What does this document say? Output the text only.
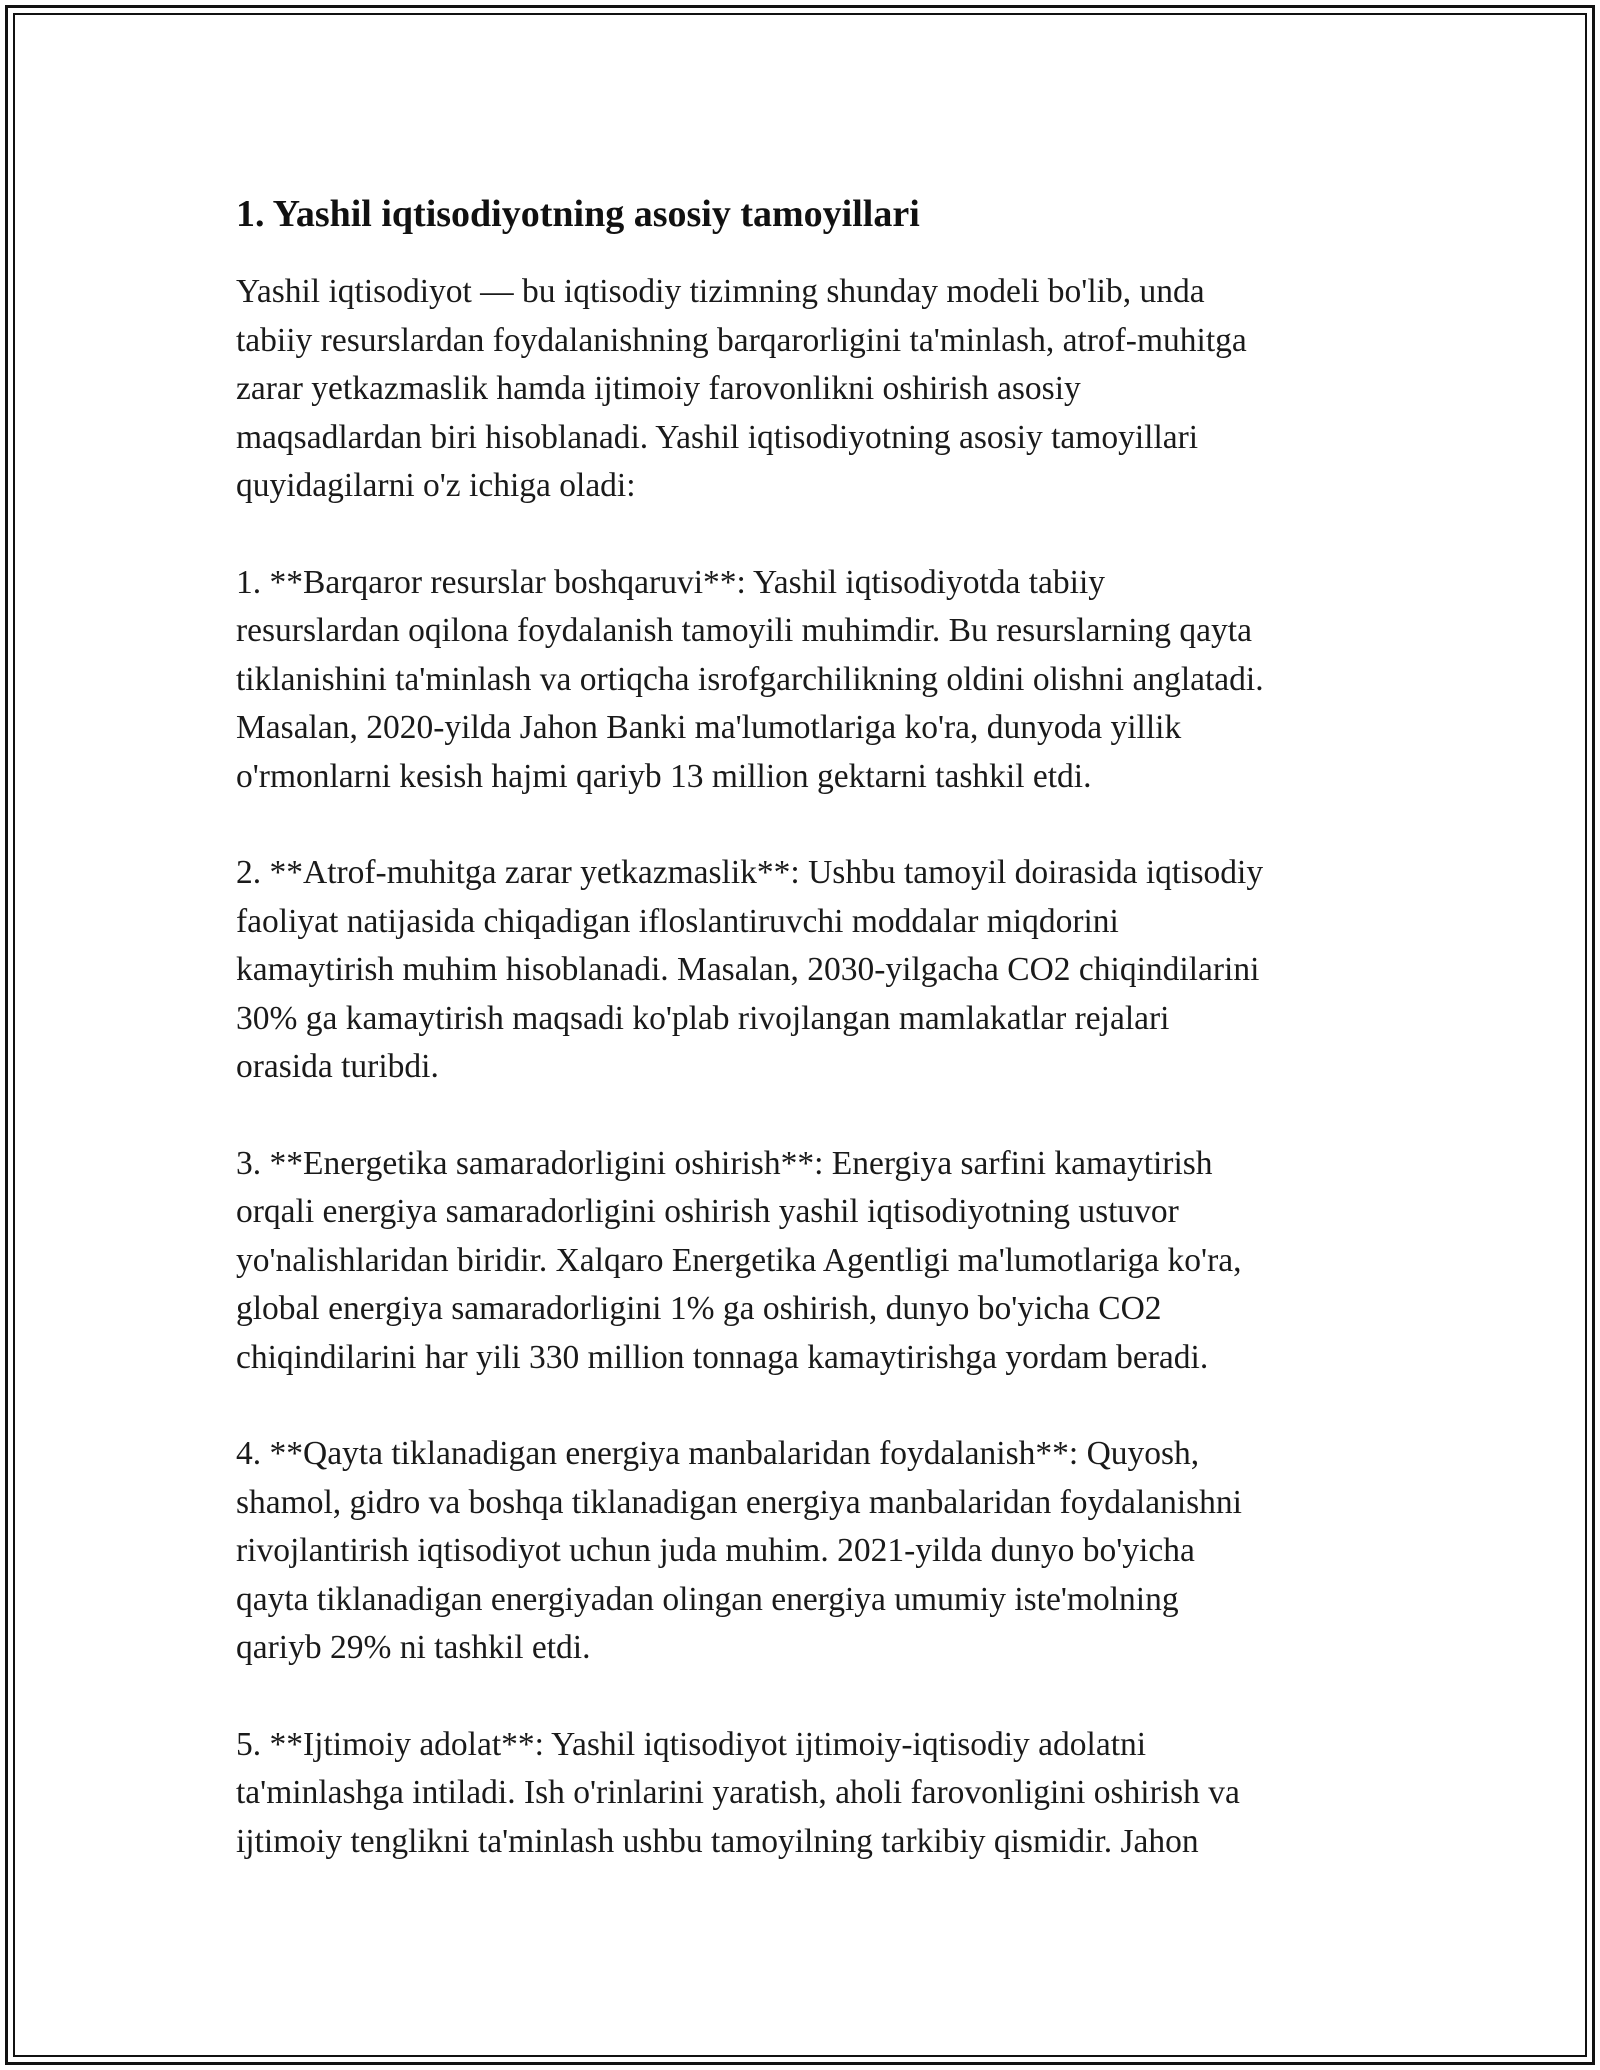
1. Yashil iqtisodiyotning asosiy tamoyillari

Yashil iqtisodiyot — bu iqtisodiy tizimning shunday modeli bo'lib, unda
tabiiy resurslardan foydalanishning barqarorligini ta'minlash, atrof-muhitga
zarar yetkazmaslik hamda ijtimoiy farovonlikni oshirish asosiy
maqsadlardan biri hisoblanadi. Yashil iqtisodiyotning asosiy tamoyillari
quyidagilarni o'z ichiga oladi:

1. **Barqaror resurslar boshqaruvi**: Yashil iqtisodiyotda tabiiy
resurslardan oqilona foydalanish tamoyili muhimdir. Bu resurslarning qayta
tiklanishini ta'minlash va ortiqcha isrofgarchilikning oldini olishni anglatadi.
Masalan, 2020-yilda Jahon Banki ma'lumotlariga ko'ra, dunyoda yillik
o'rmonlarni kesish hajmi qariyb 13 million gektarni tashkil etdi.

2. **Atrof-muhitga zarar yetkazmaslik**: Ushbu tamoyil doirasida iqtisodiy
faoliyat natijasida chiqadigan ifloslantiruvchi moddalar miqdorini
kamaytirish muhim hisoblanadi. Masalan, 2030-yilgacha CO2 chiqindilarini
30% ga kamaytirish maqsadi ko'plab rivojlangan mamlakatlar rejalari
orasida turibdi.

3. **Energetika samaradorligini oshirish**: Energiya sarfini kamaytirish
orqali energiya samaradorligini oshirish yashil iqtisodiyotning ustuvor
yo'nalishlaridan biridir. Xalqaro Energetika Agentligi ma'lumotlariga ko'ra,
global energiya samaradorligini 1% ga oshirish, dunyo bo'yicha CO2
chiqindilarini har yili 330 million tonnaga kamaytirishga yordam beradi.

4. **Qayta tiklanadigan energiya manbalaridan foydalanish**: Quyosh,
shamol, gidro va boshqa tiklanadigan energiya manbalaridan foydalanishni
rivojlantirish iqtisodiyot uchun juda muhim. 2021-yilda dunyo bo'yicha
qayta tiklanadigan energiyadan olingan energiya umumiy iste'molning
qariyb 29% ni tashkil etdi.

5. **Ijtimoiy adolat**: Yashil iqtisodiyot ijtimoiy-iqtisodiy adolatni
ta'minlashga intiladi. Ish o'rinlarini yaratish, aholi farovonligini oshirish va
ijtimoiy tenglikni ta'minlash ushbu tamoyilning tarkibiy qismidir. Jahon
